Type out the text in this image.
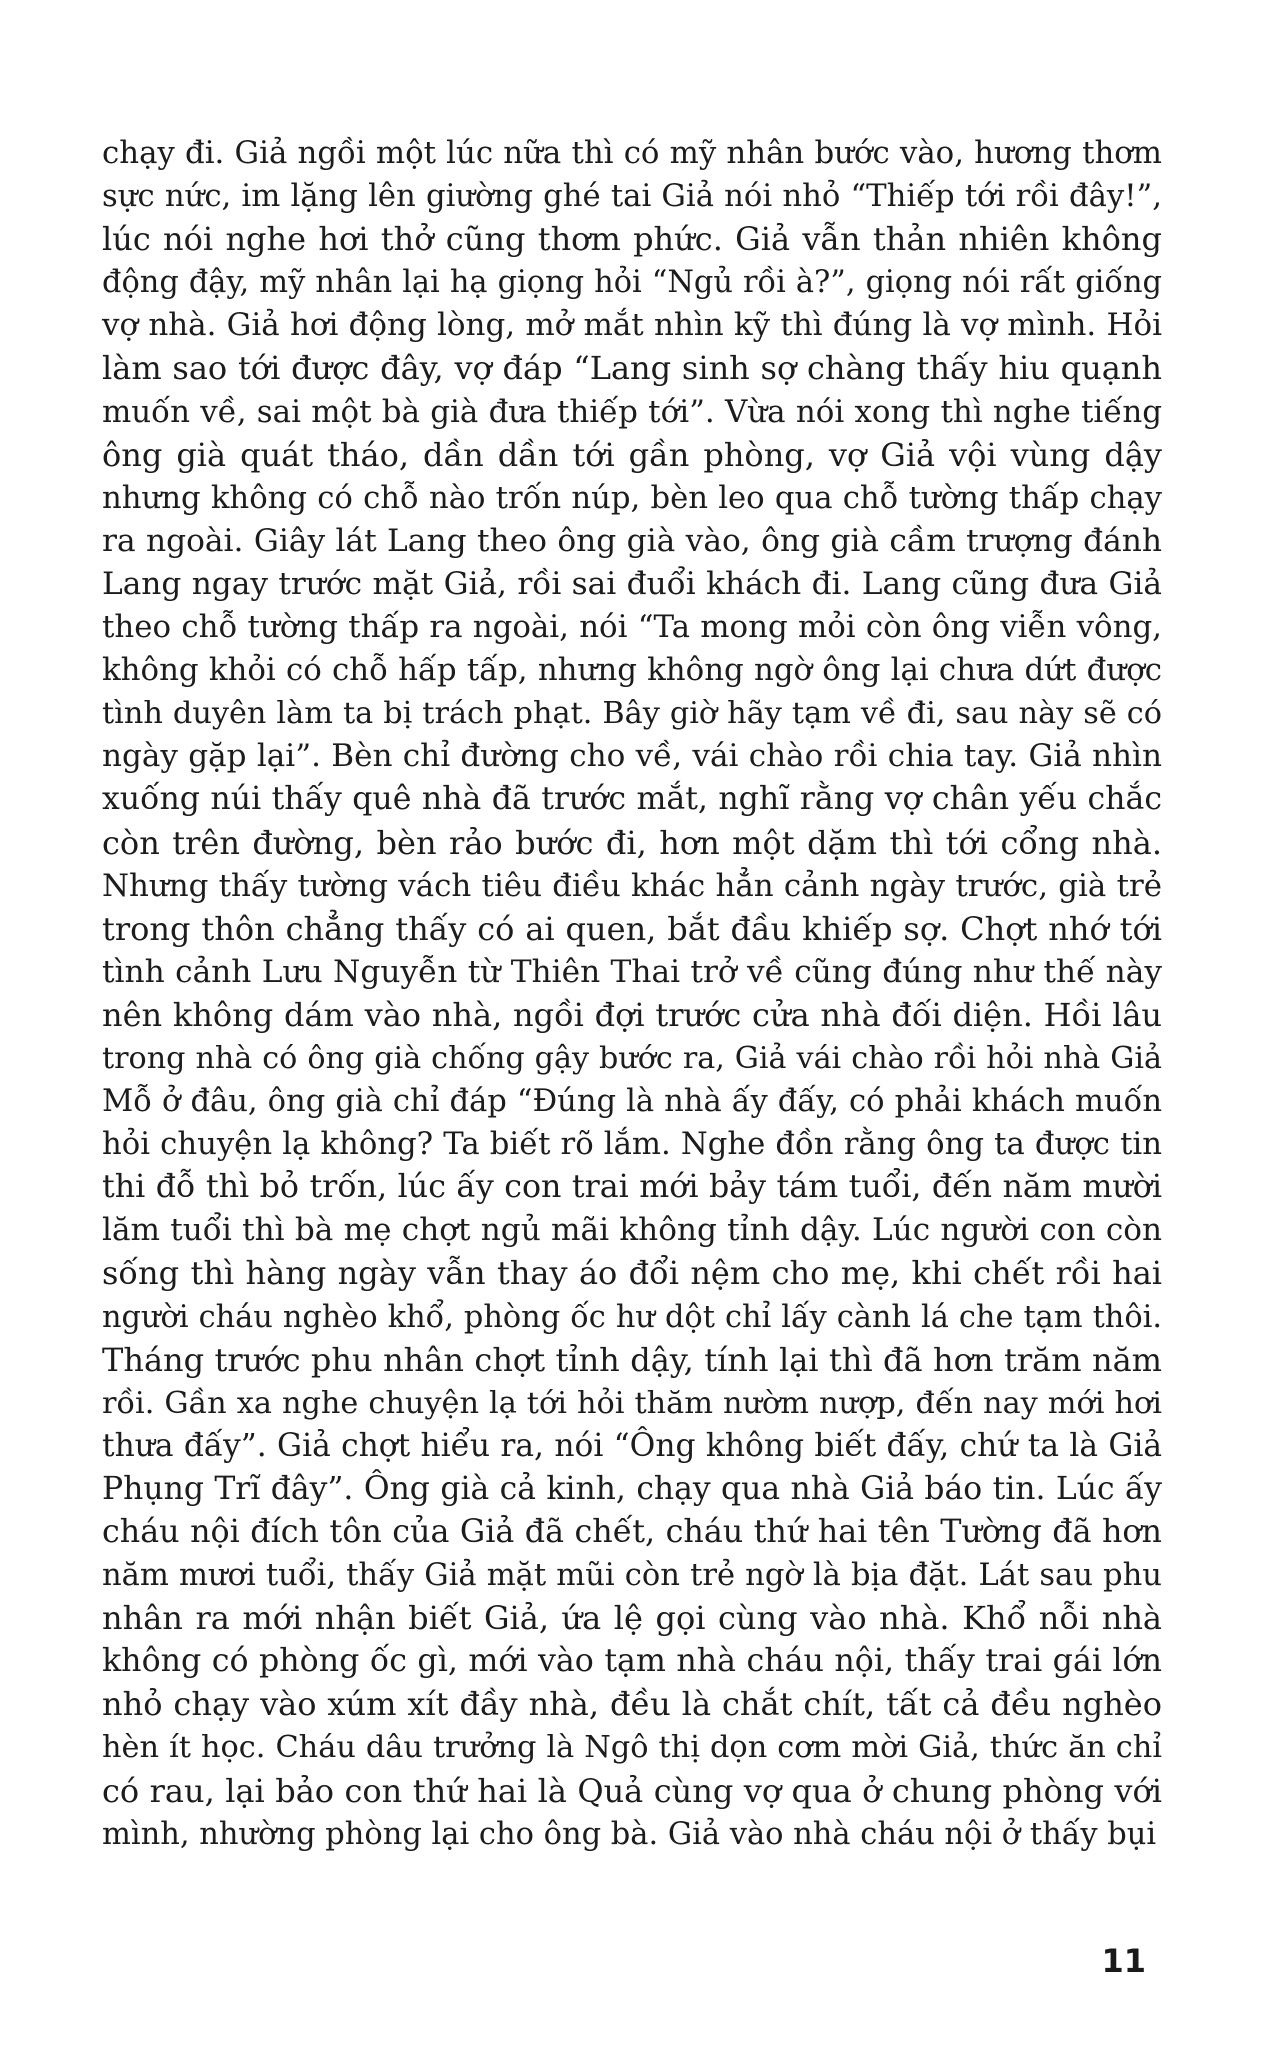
chạy đi. Giả ngồi một lúc nữa thì có mỹ nhân bước vào, hương thơm
sực nức, im lặng lên giường ghé tai Giả nói nhỏ “Thiếp tới rồi đây!”,
lúc nói nghe hơi thở cũng thơm phức. Giả vẫn thản nhiên không
động đậy, mỹ nhân lại hạ giọng hỏi “Ngủ rồi à?”, giọng nói rất giống
vợ nhà. Giả hơi động lòng, mở mắt nhìn kỹ thì đúng là vợ mình. Hỏi
làm sao tới được đây, vợ đáp “Lang sinh sợ chàng thấy hiu quạnh
muốn về, sai một bà già đưa thiếp tới”. Vừa nói xong thì nghe tiếng
ông già quát tháo, dần dần tới gần phòng, vợ Giả vội vùng dậy
nhưng không có chỗ nào trốn núp, bèn leo qua chỗ tường thấp chạy
ra ngoài. Giây lát Lang theo ông già vào, ông già cầm trượng đánh
Lang ngay trước mặt Giả, rồi sai đuổi khách đi. Lang cũng đưa Giả
theo chỗ tường thấp ra ngoài, nói “Ta mong mỏi còn ông viễn vông,
không khỏi có chỗ hấp tấp, nhưng không ngờ ông lại chưa dứt được
tình duyên làm ta bị trách phạt. Bây giờ hãy tạm về đi, sau này sẽ có
ngày gặp lại”. Bèn chỉ đường cho về, vái chào rồi chia tay. Giả nhìn
xuống núi thấy quê nhà đã trước mắt, nghĩ rằng vợ chân yếu chắc
còn trên đường, bèn rảo bước đi, hơn một dặm thì tới cổng nhà.
Nhưng thấy tường vách tiêu điều khác hẳn cảnh ngày trước, già trẻ
trong thôn chẳng thấy có ai quen, bắt đầu khiếp sợ. Chợt nhớ tới
tình cảnh Lưu Nguyễn từ Thiên Thai trở về cũng đúng như thế này
nên không dám vào nhà, ngồi đợi trước cửa nhà đối diện. Hồi lâu
trong nhà có ông già chống gậy bước ra, Giả vái chào rồi hỏi nhà Giả
Mỗ ở đâu, ông già chỉ đáp “Đúng là nhà ấy đấy, có phải khách muốn
hỏi chuyện lạ không? Ta biết rõ lắm. Nghe đồn rằng ông ta được tin
thi đỗ thì bỏ trốn, lúc ấy con trai mới bảy tám tuổi, đến năm mười
lăm tuổi thì bà mẹ chợt ngủ mãi không tỉnh dậy. Lúc người con còn
sống thì hàng ngày vẫn thay áo đổi nệm cho mẹ, khi chết rồi hai
người cháu nghèo khổ, phòng ốc hư dột chỉ lấy cành lá che tạm thôi.
Tháng trước phu nhân chợt tỉnh dậy, tính lại thì đã hơn trăm năm
rồi. Gần xa nghe chuyện lạ tới hỏi thăm nườm nượp, đến nay mới hơi
thưa đấy”. Giả chợt hiểu ra, nói “Ông không biết đấy, chứ ta là Giả
Phụng Trĩ đây”. Ông già cả kinh, chạy qua nhà Giả báo tin. Lúc ấy
cháu nội đích tôn của Giả đã chết, cháu thứ hai tên Tường đã hơn
năm mươi tuổi, thấy Giả mặt mũi còn trẻ ngờ là bịa đặt. Lát sau phu
nhân ra mới nhận biết Giả, ứa lệ gọi cùng vào nhà. Khổ nỗi nhà
không có phòng ốc gì, mới vào tạm nhà cháu nội, thấy trai gái lớn
nhỏ chạy vào xúm xít đầy nhà, đều là chắt chít, tất cả đều nghèo
hèn ít học. Cháu dâu trưởng là Ngô thị dọn cơm mời Giả, thức ăn chỉ
có rau, lại bảo con thứ hai là Quả cùng vợ qua ở chung phòng với
mình, nhường phòng lại cho ông bà. Giả vào nhà cháu nội ở thấy bụi
11
